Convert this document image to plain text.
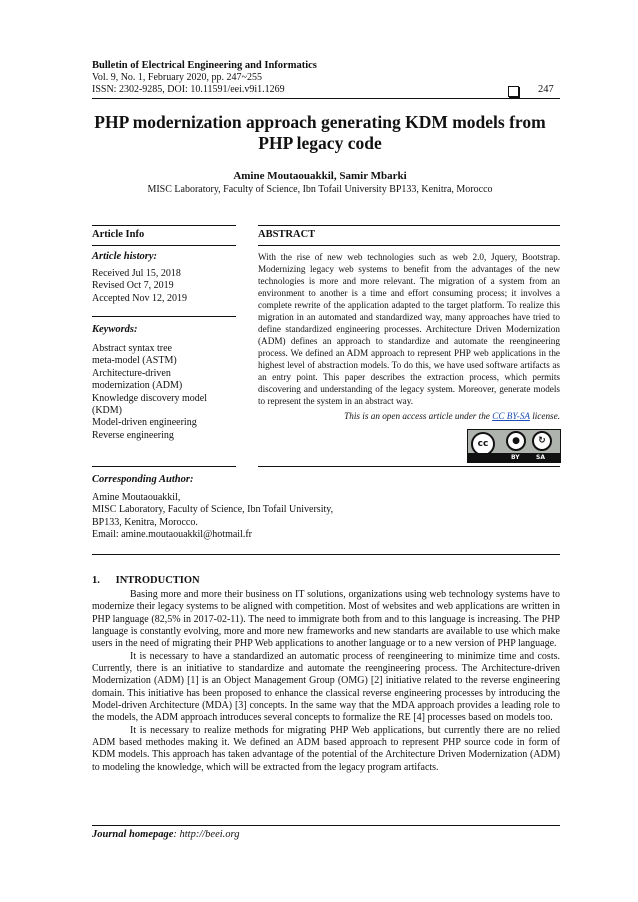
Bulletin of Electrical Engineering and Informatics
Vol. 9, No. 1, February 2020, pp. 247~255
ISSN: 2302-9285, DOI: 10.11591/eei.v9i1.1269	247
PHP modernization approach generating KDM models from
PHP legacy code
Amine Moutaouakkil, Samir Mbarki
MISC Laboratory, Faculty of Science, Ibn Tofail University BP133, Kenitra, Morocco
Article Info
Article history:
Received Jul 15, 2018
Revised Oct 7, 2019
Accepted Nov 12, 2019
Keywords:
Abstract syntax tree
meta-model (ASTM)
Architecture-driven
modernization (ADM)
Knowledge discovery model
(KDM)
Model-driven engineering
Reverse engineering
ABSTRACT
With the rise of new web technologies such as web 2.0, Jquery, Bootstrap. Modernizing legacy web systems to benefit from the advantages of the new technologies is more and more relevant. The migration of a system from an environment to another is a time and effort consuming process; it involves a complete rewrite of the application adapted to the target platform. To realize this migration in an automated and standardized way, many approaches have tried to define standardized engineering processes. Architecture Driven Modernization (ADM) defines an approach to standardize and automate the reengineering process. We defined an ADM approach to represent PHP web applications in the highest level of abstraction models. To do this, we have used software artifacts as an entry point. This paper describes the extraction process, which permits discovering and understanding of the legacy system. Moreover, generate models to represent the system in an abstract way.
This is an open access article under the CC BY-SA license.
cc	●	↻
BY	SA
Corresponding Author:
Amine Moutaouakkil,
MISC Laboratory, Faculty of Science, Ibn Tofail University,
BP133, Kenitra, Morocco.
Email: amine.moutaouakkil@hotmail.fr
1.      INTRODUCTION

Basing more and more their business on IT solutions, organizations using web technology systems have to modernize their legacy systems to be aligned with competition. Most of websites and web applications are written in PHP language (82,5% in 2017-02-11). The need to immigrate both from and to this language is increasing. The PHP language is constantly evolving, more and more new frameworks and new standarts are available to use which make users in the need of migrating their PHP Web applications to another language or to a new version of PHP language.

It is necessary to have a standardized an automatic process of reengineering to minimize time and costs. Currently, there is an initiative to standardize and automate the reengineering process. The Architecture-driven Modernization (ADM) [1] is an Object Management Group (OMG) [2] initiative related to the reverse engineering domain. This initiative has been proposed to enhance the classical reverse engineering processes by introducing the Model-driven Architecture (MDA) [3] concepts. In the same way that the MDA approach provides a leading role to the models, the ADM approach introduces several concepts to formalize the RE [4] processes based on models too.

It is necessary to realize methods for migrating PHP Web applications, but currently there are no relied ADM based methodes making it. We defined an ADM based approach to represent PHP source code in form of KDM models. This approach has taken advantage of the potential of the Architecture Driven Modernization (ADM) to modeling the knowledge, which will be extracted from the legacy program artifacts.

Journal homepage: http://beei.org
